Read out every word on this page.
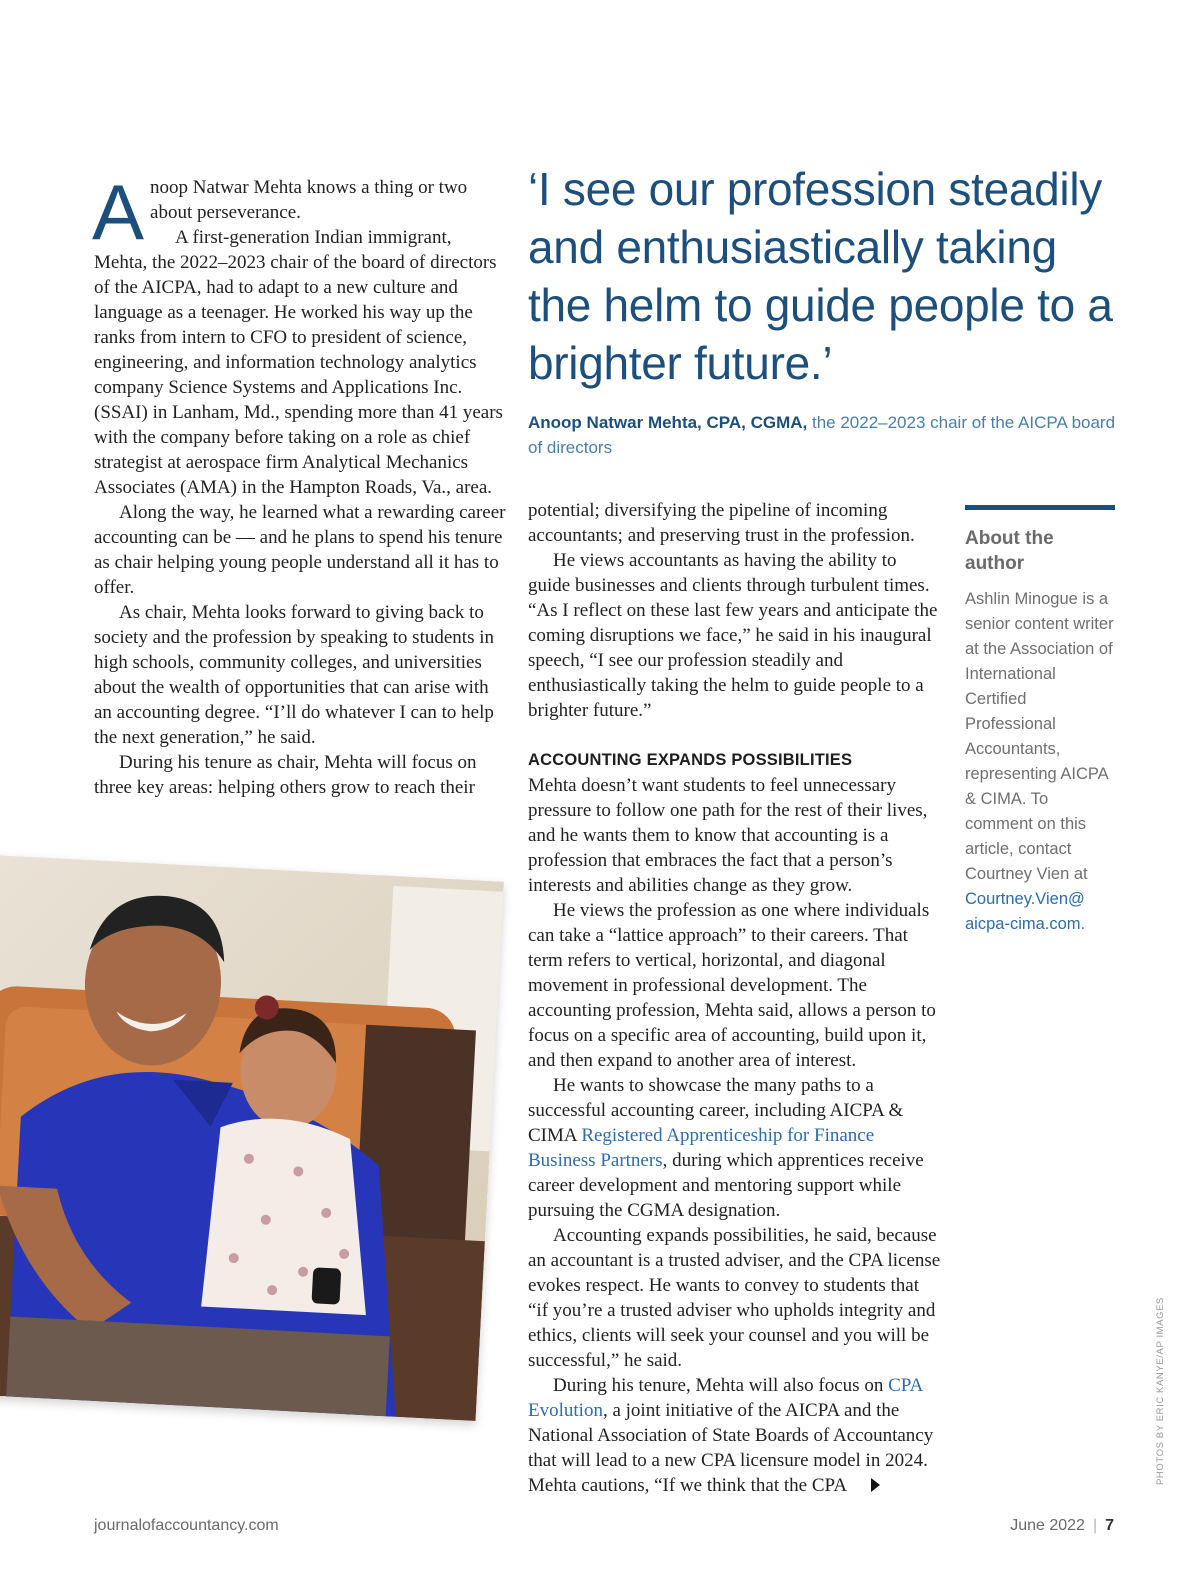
Anoop Natwar Mehta knows a thing or two about perseverance.

A first-generation Indian immigrant, Mehta, the 2022–2023 chair of the board of directors of the AICPA, had to adapt to a new culture and language as a teenager. He worked his way up the ranks from intern to CFO to president of science, engineering, and information technology analytics company Science Systems and Applications Inc. (SSAI) in Lanham, Md., spending more than 41 years with the company before taking on a role as chief strategist at aerospace firm Analytical Mechanics Associates (AMA) in the Hampton Roads, Va., area.

Along the way, he learned what a rewarding career accounting can be — and he plans to spend his tenure as chair helping young people understand all it has to offer.

As chair, Mehta looks forward to giving back to society and the profession by speaking to students in high schools, community colleges, and universities about the wealth of opportunities that can arise with an accounting degree. “I’ll do whatever I can to help the next generation,” he said.

During his tenure as chair, Mehta will focus on three key areas: helping others grow to reach their

‘I see our profession steadily and enthusiastically taking the helm to guide people to a brighter future.’
Anoop Natwar Mehta, CPA, CGMA, the 2022–2023 chair of the AICPA board of directors

potential; diversifying the pipeline of incoming accountants; and preserving trust in the profession.

He views accountants as having the ability to guide businesses and clients through turbulent times. “As I reflect on these last few years and anticipate the coming disruptions we face,” he said in his inaugural speech, “I see our profession steadily and enthusiastically taking the helm to guide people to a brighter future.”

ACCOUNTING EXPANDS POSSIBILITIES

Mehta doesn’t want students to feel unnecessary pressure to follow one path for the rest of their lives, and he wants them to know that accounting is a profession that embraces the fact that a person’s interests and abilities change as they grow.

He views the profession as one where individuals can take a “lattice approach” to their careers. That term refers to vertical, horizontal, and diagonal movement in professional development. The accounting profession, Mehta said, allows a person to focus on a specific area of accounting, build upon it, and then expand to another area of interest.

He wants to showcase the many paths to a successful accounting career, including AICPA & CIMA Registered Apprenticeship for Finance Business Partners, during which apprentices receive career development and mentoring support while pursuing the CGMA designation.

Accounting expands possibilities, he said, because an accountant is a trusted adviser, and the CPA license evokes respect. He wants to convey to students that “if you’re a trusted adviser who upholds integrity and ethics, clients will seek your counsel and you will be successful,” he said.

During his tenure, Mehta will also focus on CPA Evolution, a joint initiative of the AICPA and the National Association of State Boards of Accountancy that will lead to a new CPA licensure model in 2024. Mehta cautions, “If we think that the CPA

About the author
Ashlin Minogue is a senior content writer at the Association of International Certified Professional Accountants, representing AICPA & CIMA. To comment on this article, contact Courtney Vien at Courtney.Vien@ aicpa-cima.com.
PHOTOS BY ERIC KANYE/AP IMAGES
journalofaccountancy.com	June 2022 | 7
